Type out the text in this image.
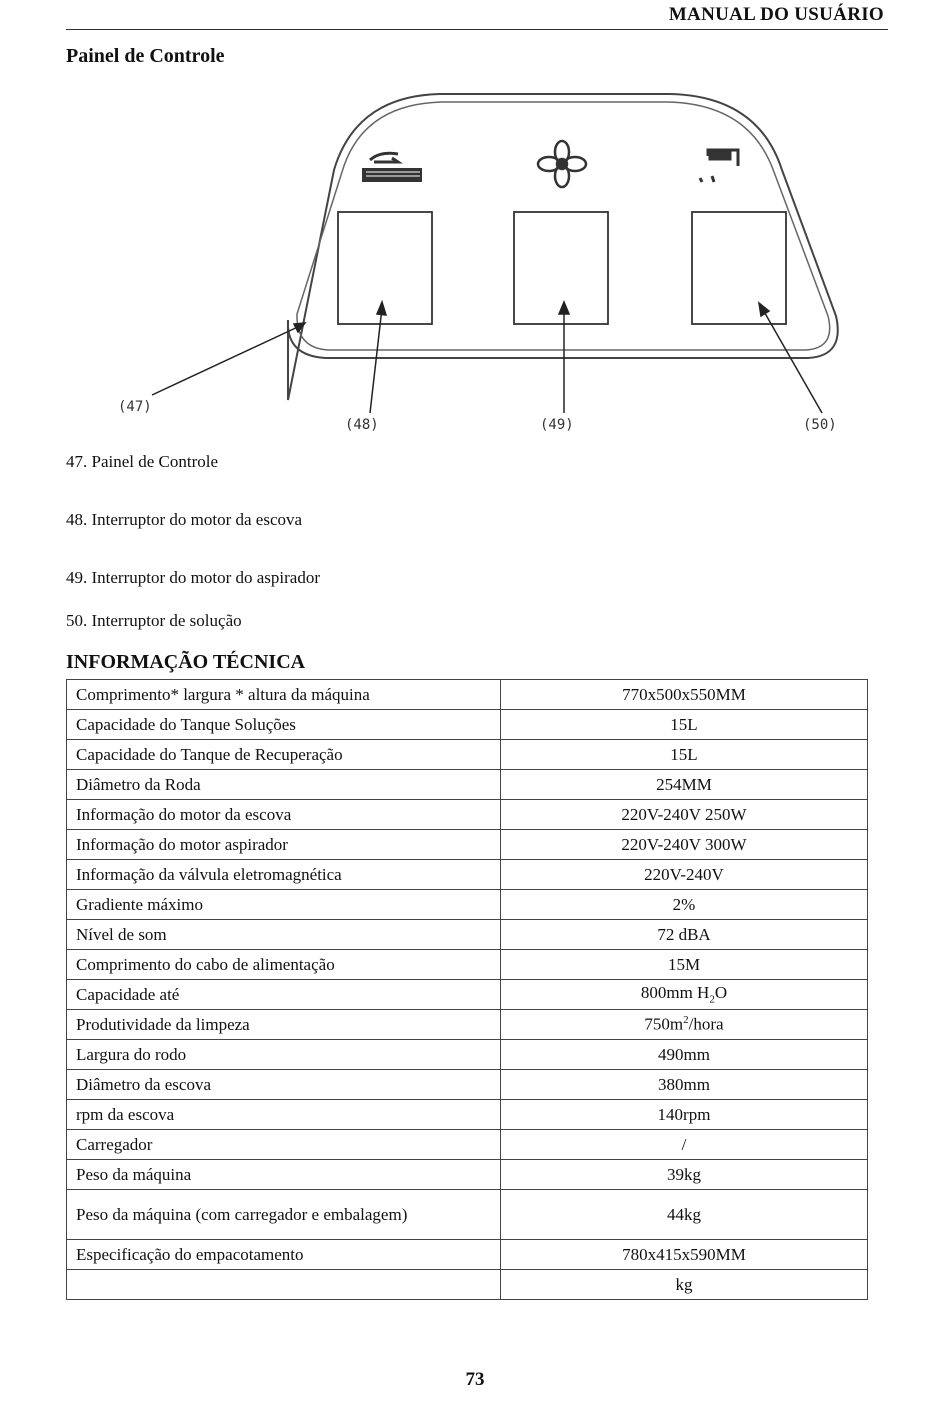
MANUAL DO USUÁRIO
Painel de Controle
(47)
(48)	(49)	(50)
47. Painel de Controle
48. Interruptor do motor da escova
49. Interruptor do motor do aspirador
50. Interruptor de solução
INFORMAÇÃO TÉCNICA
Comprimento* largura * altura da máquina	770x500x550MM
Capacidade do Tanque Soluções	15L
Capacidade do Tanque de Recuperação	15L
Diâmetro da Roda	254MM
Informação do motor da escova	220V-240V 250W
Informação do motor aspirador	220V-240V 300W
Informação da válvula eletromagnética	220V-240V
Gradiente máximo	2%
Nível de som	72 dBA
Comprimento do cabo de alimentação	15M
Capacidade até	800mm $H_2O$
Produtividade da limpeza	$750m^2$/hora
Largura do rodo	490mm
Diâmetro da escova	380mm
rpm da escova	140rpm
Carregador	/
Peso da máquina	39kg
Peso da máquina (com carregador e embalagem)	44kg
Especificação do empacotamento	780x415x590MM
	kg
73
